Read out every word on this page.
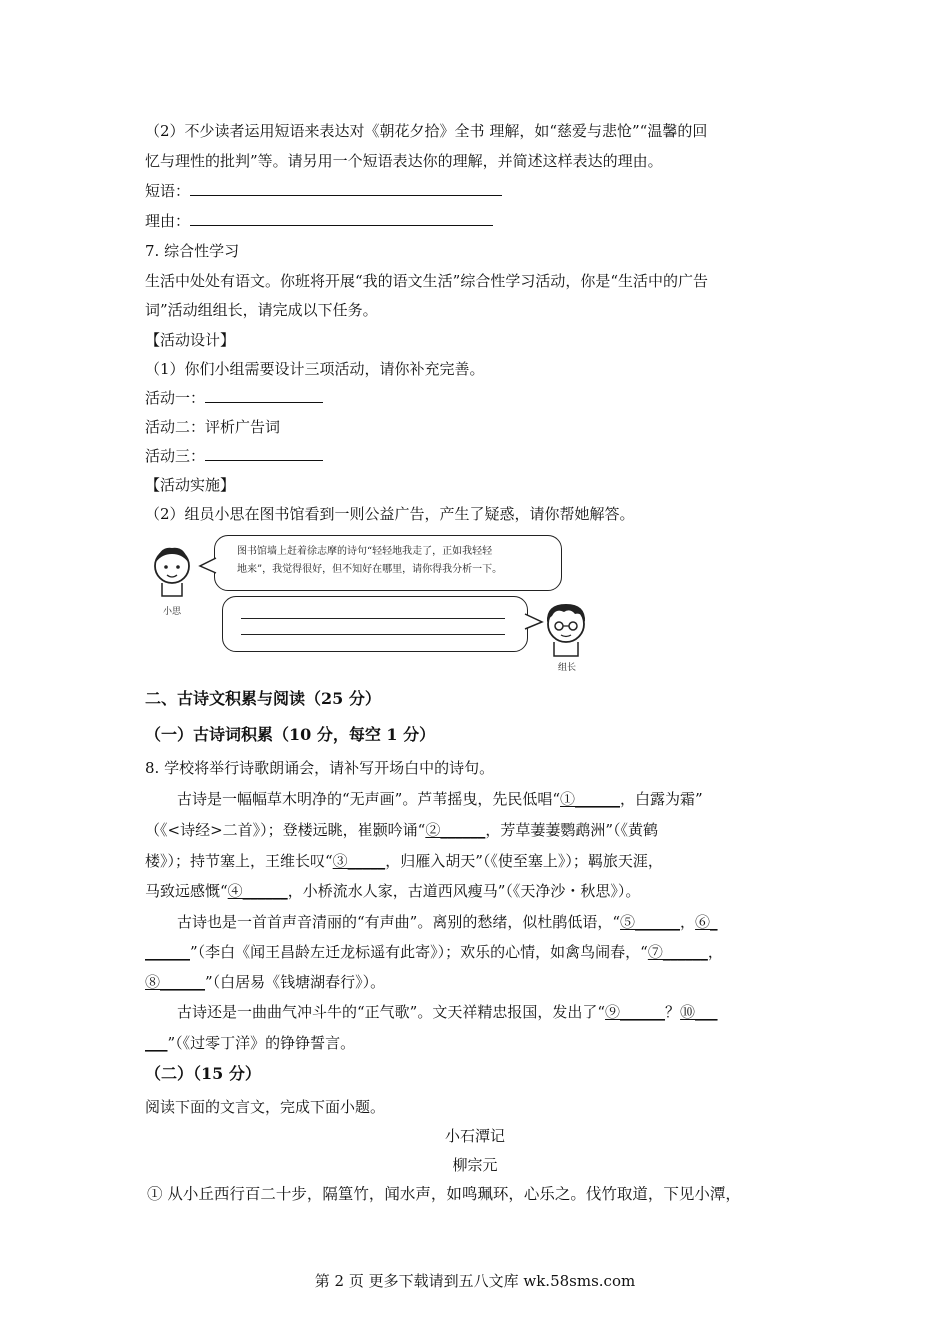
（2）不少读者运用短语来表达对《朝花夕拾》全书 理解，如“慈爱与悲怆”“温馨的回
忆与理性的批判”等。请另用一个短语表达你的理解，并简述这样表达的理由。
短语：
理由：
7. 综合性学习
生活中处处有语文。你班将开展“我的语文生活”综合性学习活动，你是“生活中的广告
词”活动组组长，请完成以下任务。
【活动设计】
（1）你们小组需要设计三项活动，请你补充完善。
活动一：
活动二：评析广告词
活动三：
【活动实施】
（2）组员小思在图书馆看到一则公益广告，产生了疑惑，请你帮她解答。
小思
图书馆墙上赶着徐志摩的诗句“轻轻地我走了，正如我轻轻
地来”，我觉得很好，但不知好在哪里，请你得我分析一下。
组长
二、古诗文积累与阅读（25 分）
（一）古诗词积累（10 分，每空 1 分）
8. 学校将举行诗歌朗诵会，请补写开场白中的诗句。
古诗是一幅幅草木明净的“无声画”。芦苇摇曳，先民低唱“①______，白露为霜”
（《<诗经>二首》）；登楼远眺，崔颢吟诵“②______，芳草萋萋鹦鹉洲”（《黄鹤
楼》）；持节塞上，王维长叹“③_____，归雁入胡天”（《使至塞上》）；羁旅天涯，
马致远感慨“④______，小桥流水人家，古道西风瘦马”（《天净沙・秋思》）。
古诗也是一首首声音清丽的“有声曲”。离别的愁绪，似杜鹃低语，“⑤______，⑥_
______”（李白《闻王昌龄左迁龙标遥有此寄》）；欢乐的心情，如禽鸟闹春，“⑦______，
⑧______”（白居易《钱塘湖春行》）。
古诗还是一曲曲气冲斗牛的“正气歌”。文天祥精忠报国，发出了“⑨______？⑩___
___”（《过零丁洋》的铮铮誓言。
（二）（15 分）
阅读下面的文言文，完成下面小题。
小石潭记
柳宗元
① 从小丘西行百二十步，隔篁竹，闻水声，如鸣珮环，心乐之。伐竹取道，下见小潭，
第 2 页 更多下载请到五八文库 wk.58sms.com
